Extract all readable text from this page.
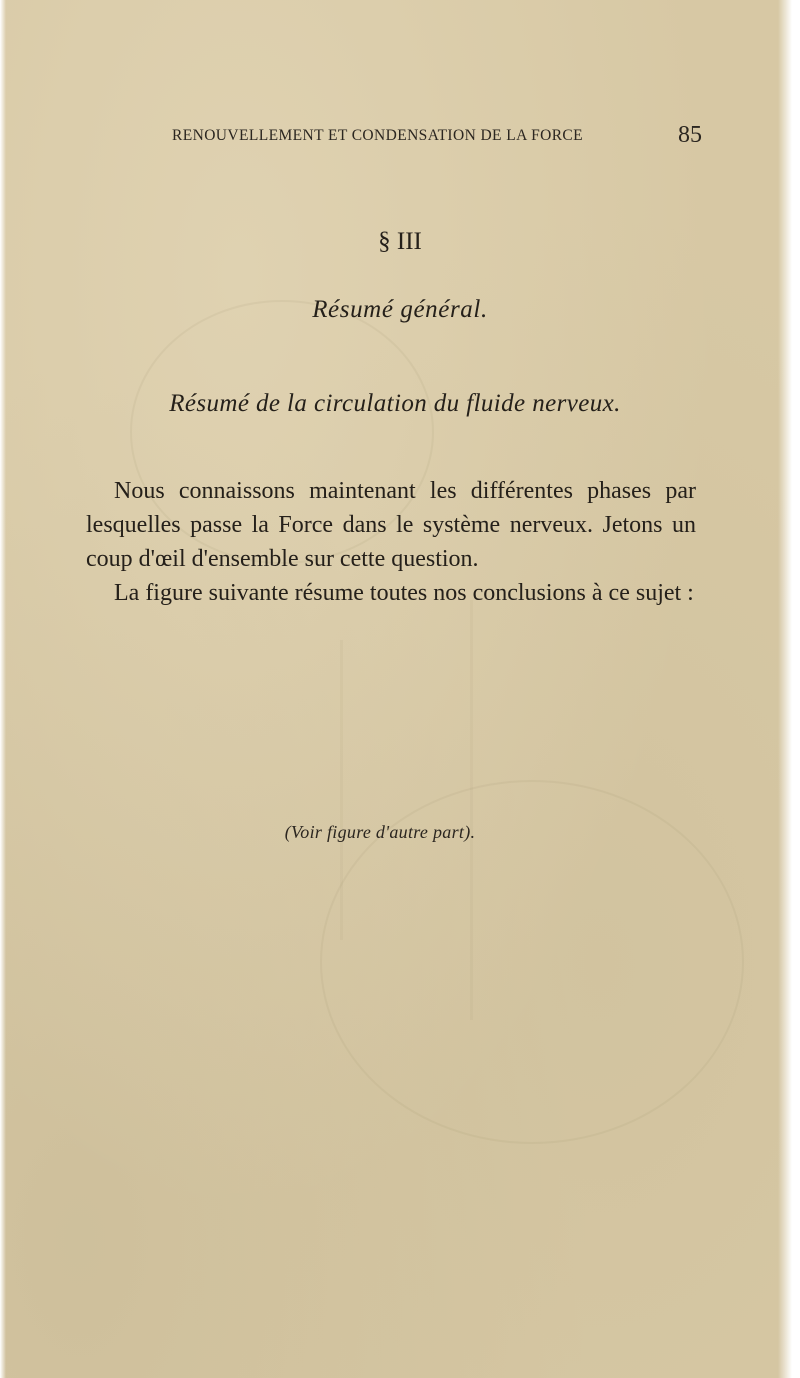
RENOUVELLEMENT ET CONDENSATION DE LA FORCE	85
§ III
Résumé général.
Résumé de la circulation du fluide nerveux.

Nous connaissons maintenant les différentes phases par lesquelles passe la Force dans le système nerveux. Jetons un coup d'œil d'ensemble sur cette question.

La figure suivante résume toutes nos conclusions à ce sujet :

(Voir figure d'autre part).
